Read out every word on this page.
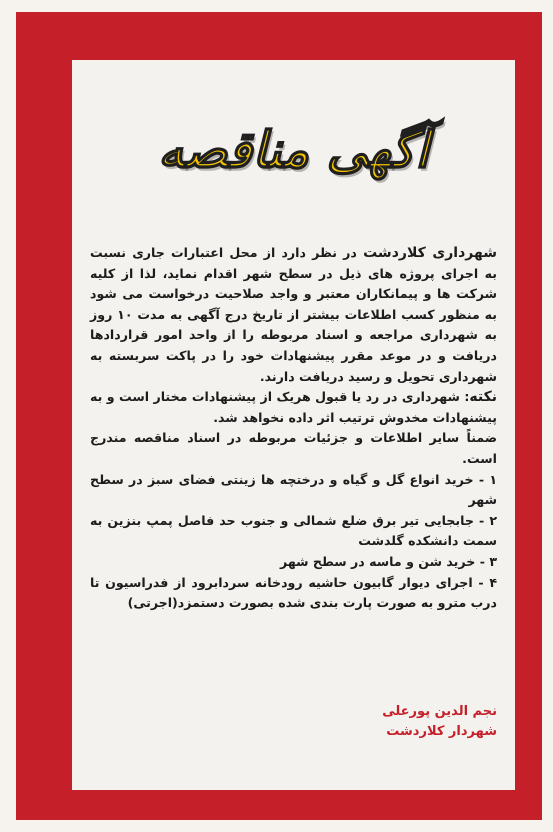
آگهی مناقصه

شهرداری کلاردشت در نظر دارد از محل اعتبارات جاری نسبت به اجرای پروژه های ذیل در سطح شهر اقدام نماید، لذا از کلیه شرکت ها و پیمانکاران معتبر و واجد صلاحیت درخواست می شود به منظور کسب اطلاعات بیشتر از تاریخ درج آگهی به مدت ۱۰ روز به شهرداری مراجعه و اسناد مربوطه را از واحد امور قراردادها دریافت و در موعد مقرر پیشنهادات خود را در پاکت سربسته به شهرداری تحویل و رسید دریافت دارند.

نکته: شهرداری در رد یا قبول هریک از پیشنهادات مختار است و به پیشنهادات مخدوش ترتیب اثر داده نخواهد شد.

ضمناً سایر اطلاعات و جزئیات مربوطه در اسناد مناقصه مندرج است.

۱ - خرید انواع گل و گیاه و درختچه ها زینتی فضای سبز در سطح شهر

۲ - جابجایی تیر برق ضلع شمالی و جنوب حد فاصل پمپ بنزین به سمت دانشکده گلدشت

۳ - خرید شن و ماسه در سطح شهر

۴ - اجرای دیوار گابیون حاشیه رودخانه سردابرود از فدراسیون تا درب مترو به صورت پارت بندی شده بصورت دستمزد(اجرتی)

نجم الدین پورعلی
شهردار کلاردشت
